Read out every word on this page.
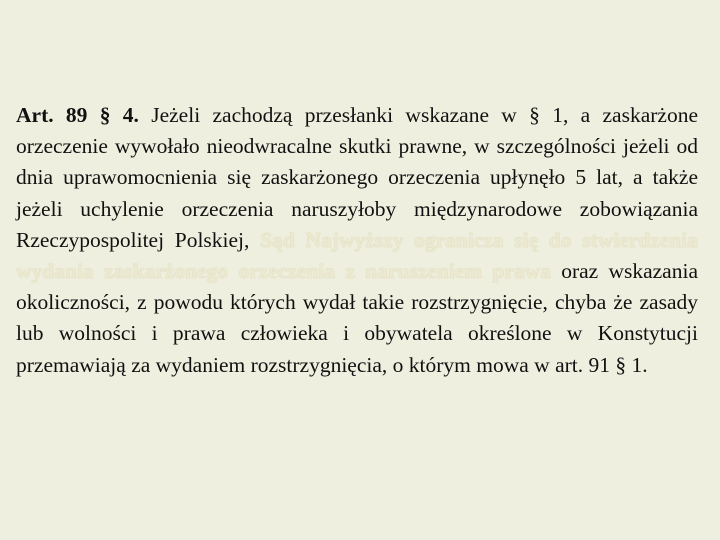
Art. 89 § 4. Jeżeli zachodzą przesłanki wskazane w § 1, a zaskarżone orzeczenie wywołało nieodwracalne skutki prawne, w szczególności jeżeli od dnia uprawomocnienia się zaskarżonego orzeczenia upłynęło 5 lat, a także jeżeli uchylenie orzeczenia naruszyłoby międzynarodowe zobowiązania Rzeczypospolitej Polskiej, Sąd Najwyższy ogranicza się do stwierdzenia wydania zaskarżonego orzeczenia z naruszeniem prawa oraz wskazania okoliczności, z powodu których wydał takie rozstrzygnięcie, chyba że zasady lub wolności i prawa człowieka i obywatela określone w Konstytucji przemawiają za wydaniem rozstrzygnięcia, o którym mowa w art. 91 § 1.
